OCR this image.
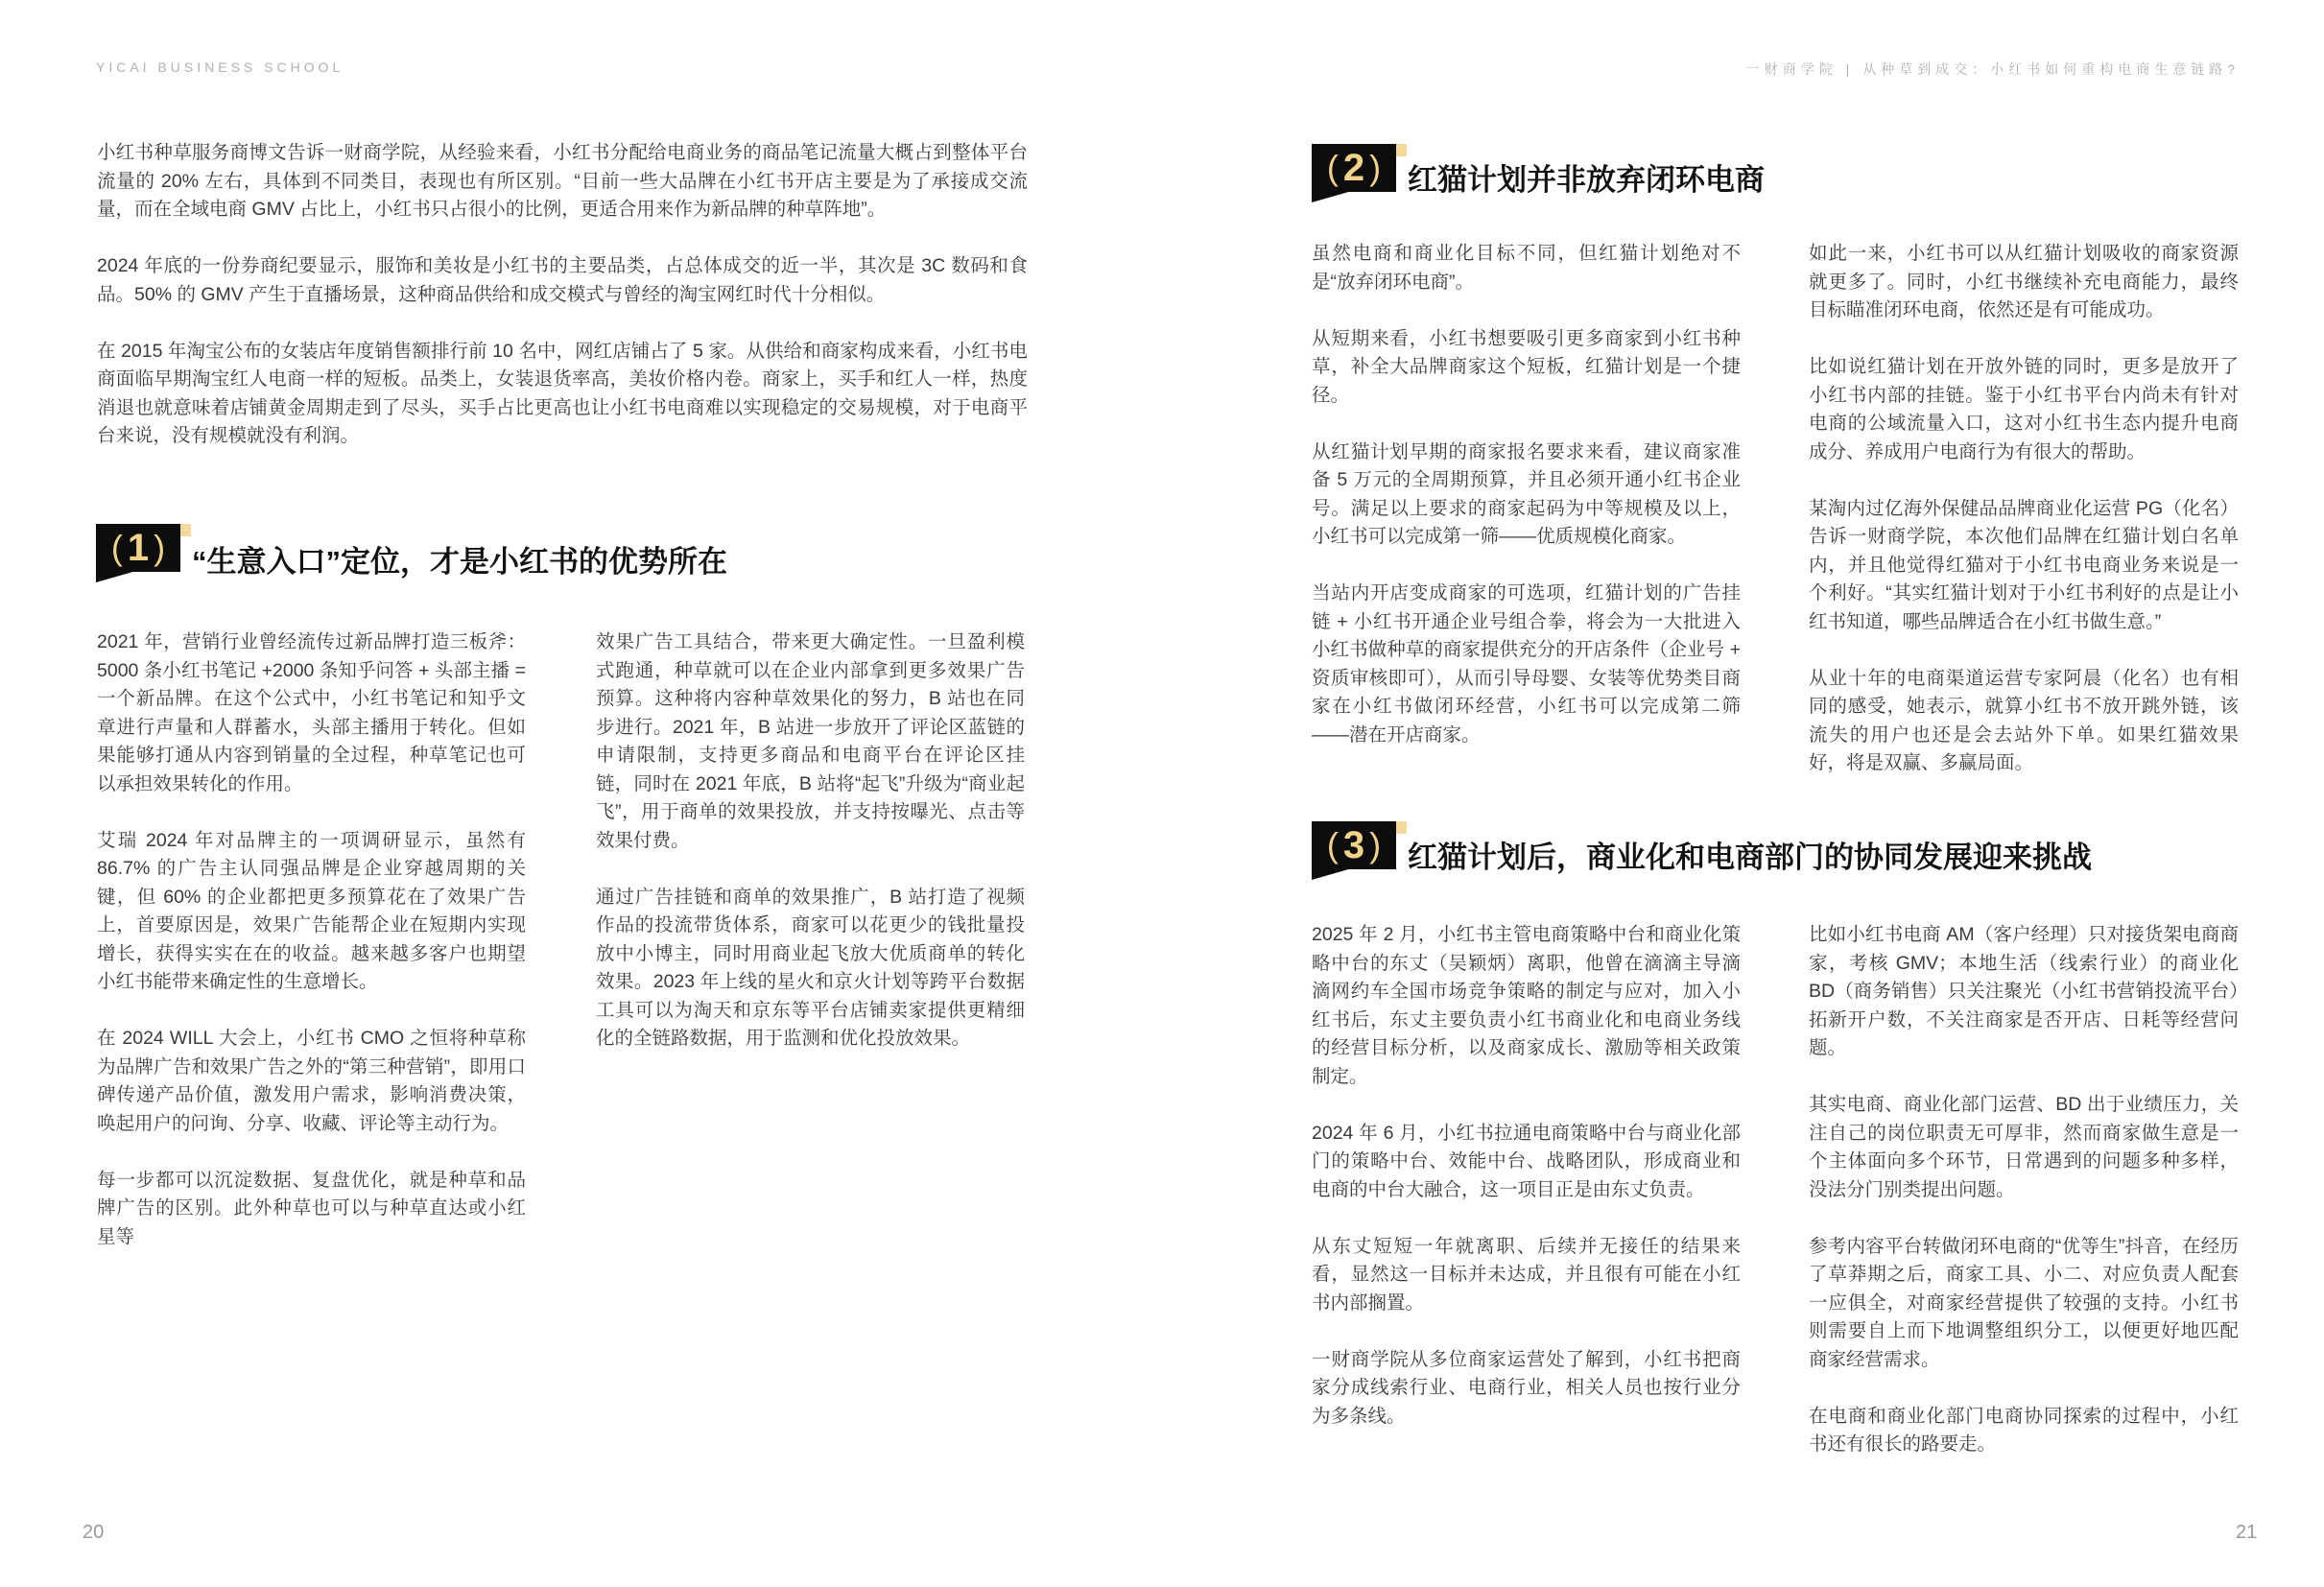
YICAI BUSINESS SCHOOL	一财商学院 | 从种草到成交：小红书如何重构电商生意链路?

小红书种草服务商博文告诉一财商学院，从经验来看，小红书分配给电商业务的商品笔记流量大概占到整体平台流量的 20% 左右，具体到不同类目，表现也有所区别。“目前一些大品牌在小红书开店主要是为了承接成交流量，而在全域电商 GMV 占比上，小红书只占很小的比例，更适合用来作为新品牌的种草阵地”。

2024 年底的一份券商纪要显示，服饰和美妆是小红书的主要品类，占总体成交的近一半，其次是 3C 数码和食品。50% 的 GMV 产生于直播场景，这种商品供给和成交模式与曾经的淘宝网红时代十分相似。

在 2015 年淘宝公布的女装店年度销售额排行前 10 名中，网红店铺占了 5 家。从供给和商家构成来看，小红书电商面临早期淘宝红人电商一样的短板。品类上，女装退货率高，美妆价格内卷。商家上，买手和红人一样，热度消退也就意味着店铺黄金周期走到了尽头，买手占比更高也让小红书电商难以实现稳定的交易规模，对于电商平台来说，没有规模就没有利润。

( 1 ) “生意入口”定位，才是小红书的优势所在

2021 年，营销行业曾经流传过新品牌打造三板斧：5000 条小红书笔记 +2000 条知乎问答 + 头部主播 = 一个新品牌。在这个公式中，小红书笔记和知乎文章进行声量和人群蓄水，头部主播用于转化。但如果能够打通从内容到销量的全过程，种草笔记也可以承担效果转化的作用。

艾瑞 2024 年对品牌主的一项调研显示，虽然有 86.7% 的广告主认同强品牌是企业穿越周期的关键，但 60% 的企业都把更多预算花在了效果广告上，首要原因是，效果广告能帮企业在短期内实现增长，获得实实在在的收益。越来越多客户也期望小红书能带来确定性的生意增长。

在 2024 WILL 大会上，小红书 CMO 之恒将种草称为品牌广告和效果广告之外的“第三种营销”，即用口碑传递产品价值，激发用户需求，影响消费决策，唤起用户的问询、分享、收藏、评论等主动行为。

每一步都可以沉淀数据、复盘优化，就是种草和品牌广告的区别。此外种草也可以与种草直达或小红星等

效果广告工具结合，带来更大确定性。一旦盈利模式跑通，种草就可以在企业内部拿到更多效果广告预算。这种将内容种草效果化的努力，B 站也在同步进行。2021 年，B 站进一步放开了评论区蓝链的申请限制，支持更多商品和电商平台在评论区挂链，同时在 2021 年底，B 站将“起飞”升级为“商业起飞”，用于商单的效果投放，并支持按曝光、点击等效果付费。

通过广告挂链和商单的效果推广，B 站打造了视频作品的投流带货体系，商家可以花更少的钱批量投放中小博主，同时用商业起飞放大优质商单的转化效果。2023 年上线的星火和京火计划等跨平台数据工具可以为淘天和京东等平台店铺卖家提供更精细化的全链路数据，用于监测和优化投放效果。

( 2 ) 红猫计划并非放弃闭环电商

虽然电商和商业化目标不同，但红猫计划绝对不是“放弃闭环电商”。

从短期来看，小红书想要吸引更多商家到小红书种草，补全大品牌商家这个短板，红猫计划是一个捷径。

从红猫计划早期的商家报名要求来看，建议商家准备 5 万元的全周期预算，并且必须开通小红书企业号。满足以上要求的商家起码为中等规模及以上，小红书可以完成第一筛——优质规模化商家。

当站内开店变成商家的可选项，红猫计划的广告挂链 + 小红书开通企业号组合拳，将会为一大批进入小红书做种草的商家提供充分的开店条件（企业号 + 资质审核即可），从而引导母婴、女装等优势类目商家在小红书做闭环经营，小红书可以完成第二筛——潜在开店商家。

如此一来，小红书可以从红猫计划吸收的商家资源就更多了。同时，小红书继续补充电商能力，最终目标瞄准闭环电商，依然还是有可能成功。

比如说红猫计划在开放外链的同时，更多是放开了小红书内部的挂链。鉴于小红书平台内尚未有针对电商的公域流量入口，这对小红书生态内提升电商成分、养成用户电商行为有很大的帮助。

某淘内过亿海外保健品品牌商业化运营 PG（化名）告诉一财商学院，本次他们品牌在红猫计划白名单内，并且他觉得红猫对于小红书电商业务来说是一个利好。“其实红猫计划对于小红书利好的点是让小红书知道，哪些品牌适合在小红书做生意。”

从业十年的电商渠道运营专家阿晨（化名）也有相同的感受，她表示，就算小红书不放开跳外链，该流失的用户也还是会去站外下单。如果红猫效果好，将是双赢、多赢局面。

( 3 ) 红猫计划后，商业化和电商部门的协同发展迎来挑战

2025 年 2 月，小红书主管电商策略中台和商业化策略中台的东丈（吴颖炳）离职，他曾在滴滴主导滴滴网约车全国市场竞争策略的制定与应对，加入小红书后，东丈主要负责小红书商业化和电商业务线的经营目标分析，以及商家成长、激励等相关政策制定。

2024 年 6 月，小红书拉通电商策略中台与商业化部门的策略中台、效能中台、战略团队，形成商业和电商的中台大融合，这一项目正是由东丈负责。

从东丈短短一年就离职、后续并无接任的结果来看，显然这一目标并未达成，并且很有可能在小红书内部搁置。

一财商学院从多位商家运营处了解到，小红书把商家分成线索行业、电商行业，相关人员也按行业分为多条线。

比如小红书电商 AM（客户经理）只对接货架电商商家，考核 GMV；本地生活（线索行业）的商业化 BD（商务销售）只关注聚光（小红书营销投流平台）拓新开户数，不关注商家是否开店、日耗等经营问题。

其实电商、商业化部门运营、BD 出于业绩压力，关注自己的岗位职责无可厚非，然而商家做生意是一个主体面向多个环节，日常遇到的问题多种多样，没法分门别类提出问题。

参考内容平台转做闭环电商的“优等生”抖音，在经历了草莽期之后，商家工具、小二、对应负责人配套一应俱全，对商家经营提供了较强的支持。小红书则需要自上而下地调整组织分工，以便更好地匹配商家经营需求。

在电商和商业化部门电商协同探索的过程中，小红书还有很长的路要走。

20	21
